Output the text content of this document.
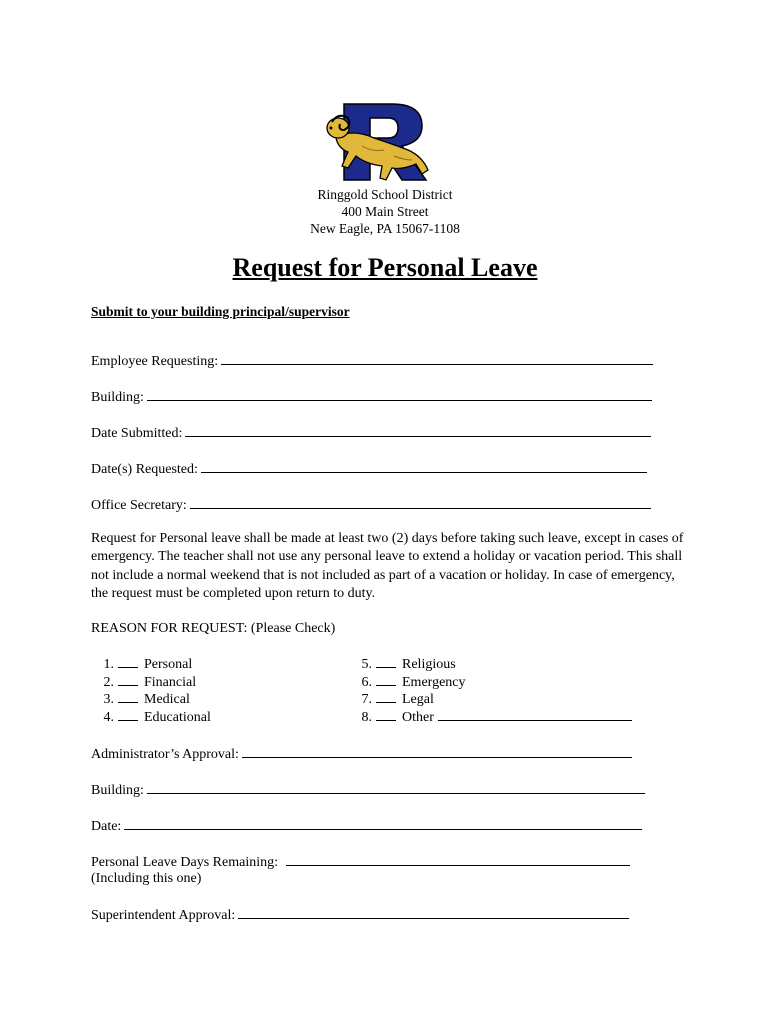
Ringgold School District
400 Main Street
New Eagle, PA 15067-1108
Request for Personal Leave
Submit to your building principal/supervisor
Employee Requesting:
Building:
Date Submitted:
Date(s) Requested:
Office Secretary:
Request for Personal leave shall be made at least two (2) days before taking such leave, except in cases of emergency. The teacher shall not use any personal leave to extend a holiday or vacation period. This shall not include a normal weekend that is not included as part of a vacation or holiday. In case of emergency, the request must be completed upon return to duty.
REASON FOR REQUEST: (Please Check)
1. Personal
2. Financial
3. Medical
4. Educational
5. Religious
6. Emergency
7. Legal
8. Other
Administrator’s Approval:
Building:
Date:
Personal Leave Days Remaining:
(Including this one)
Superintendent Approval:
